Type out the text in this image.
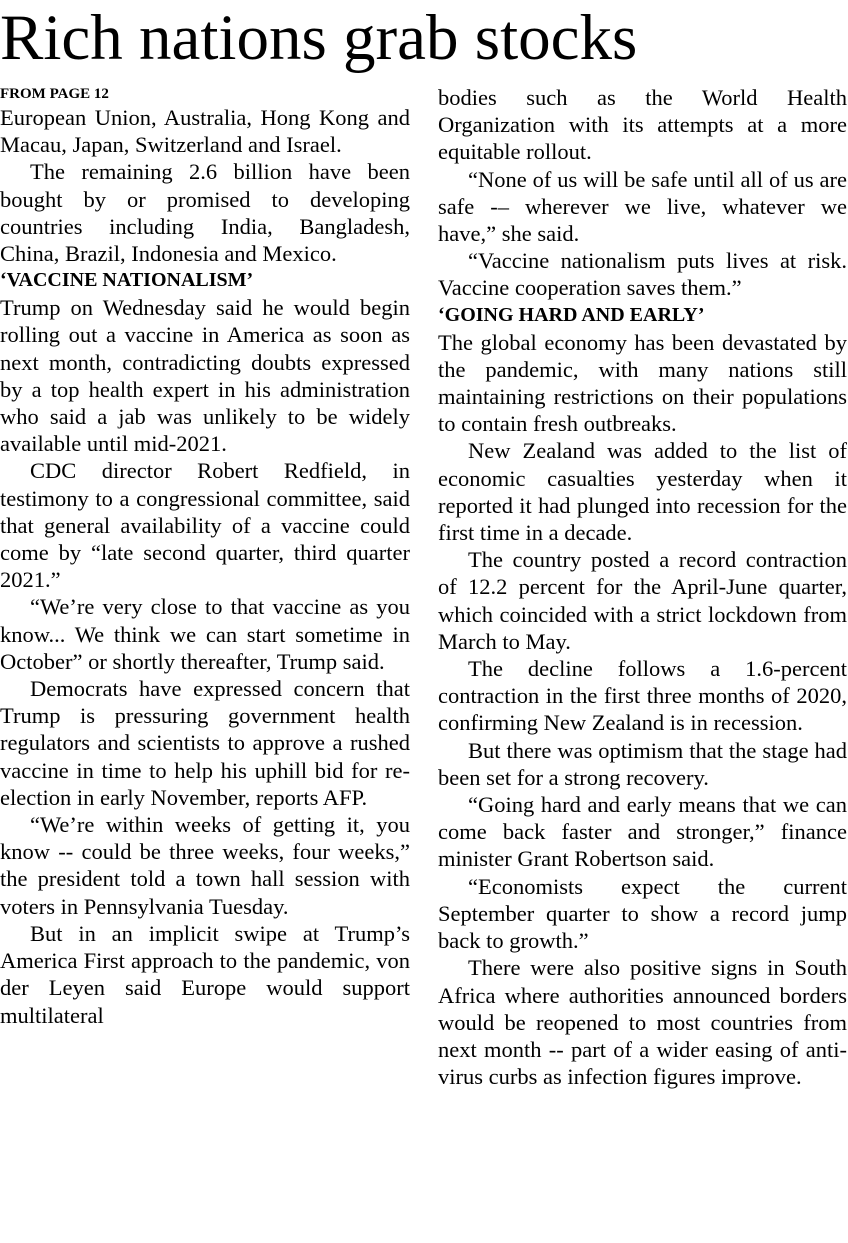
Rich nations grab stocks
FROM PAGE 12

European Union, Australia, Hong Kong and Macau, Japan, Switzerland and Israel.

The remaining 2.6 billion have been bought by or promised to developing countries including India, Bangladesh, China, Brazil, Indonesia and Mexico.

‘VACCINE NATIONALISM’

Trump on Wednesday said he would begin rolling out a vaccine in America as soon as next month, contradicting doubts expressed by a top health expert in his administration who said a jab was unlikely to be widely available until mid-2021.

CDC director Robert Redfield, in testimony to a congressional committee, said that general availability of a vaccine could come by “late second quarter, third quarter 2021.”

“We’re very close to that vaccine as you know... We think we can start sometime in October” or shortly thereafter, Trump said.

Democrats have expressed concern that Trump is pressuring government health regulators and scientists to approve a rushed vaccine in time to help his uphill bid for re-election in early November, reports AFP.

“We’re within weeks of getting it, you know -- could be three weeks, four weeks,” the president told a town hall session with voters in Pennsylvania Tuesday.

But in an implicit swipe at Trump’s America First approach to the pandemic, von der Leyen said Europe would support multilateral

bodies such as the World Health Organization with its attempts at a more equitable rollout.

“None of us will be safe until all of us are safe -– wherever we live, whatever we have,” she said.

“Vaccine nationalism puts lives at risk. Vaccine cooperation saves them.”

‘GOING HARD AND EARLY’

The global economy has been devastated by the pandemic, with many nations still maintaining restrictions on their populations to contain fresh outbreaks.

New Zealand was added to the list of economic casualties yesterday when it reported it had plunged into recession for the first time in a decade.

The country posted a record contraction of 12.2 percent for the April-June quarter, which coincided with a strict lockdown from March to May.

The decline follows a 1.6-percent contraction in the first three months of 2020, confirming New Zealand is in recession.

But there was optimism that the stage had been set for a strong recovery.

“Going hard and early means that we can come back faster and stronger,” finance minister Grant Robertson said.

“Economists expect the current September quarter to show a record jump back to growth.”

There were also positive signs in South Africa where authorities announced borders would be reopened to most countries from next month -- part of a wider easing of anti-virus curbs as infection figures improve.
